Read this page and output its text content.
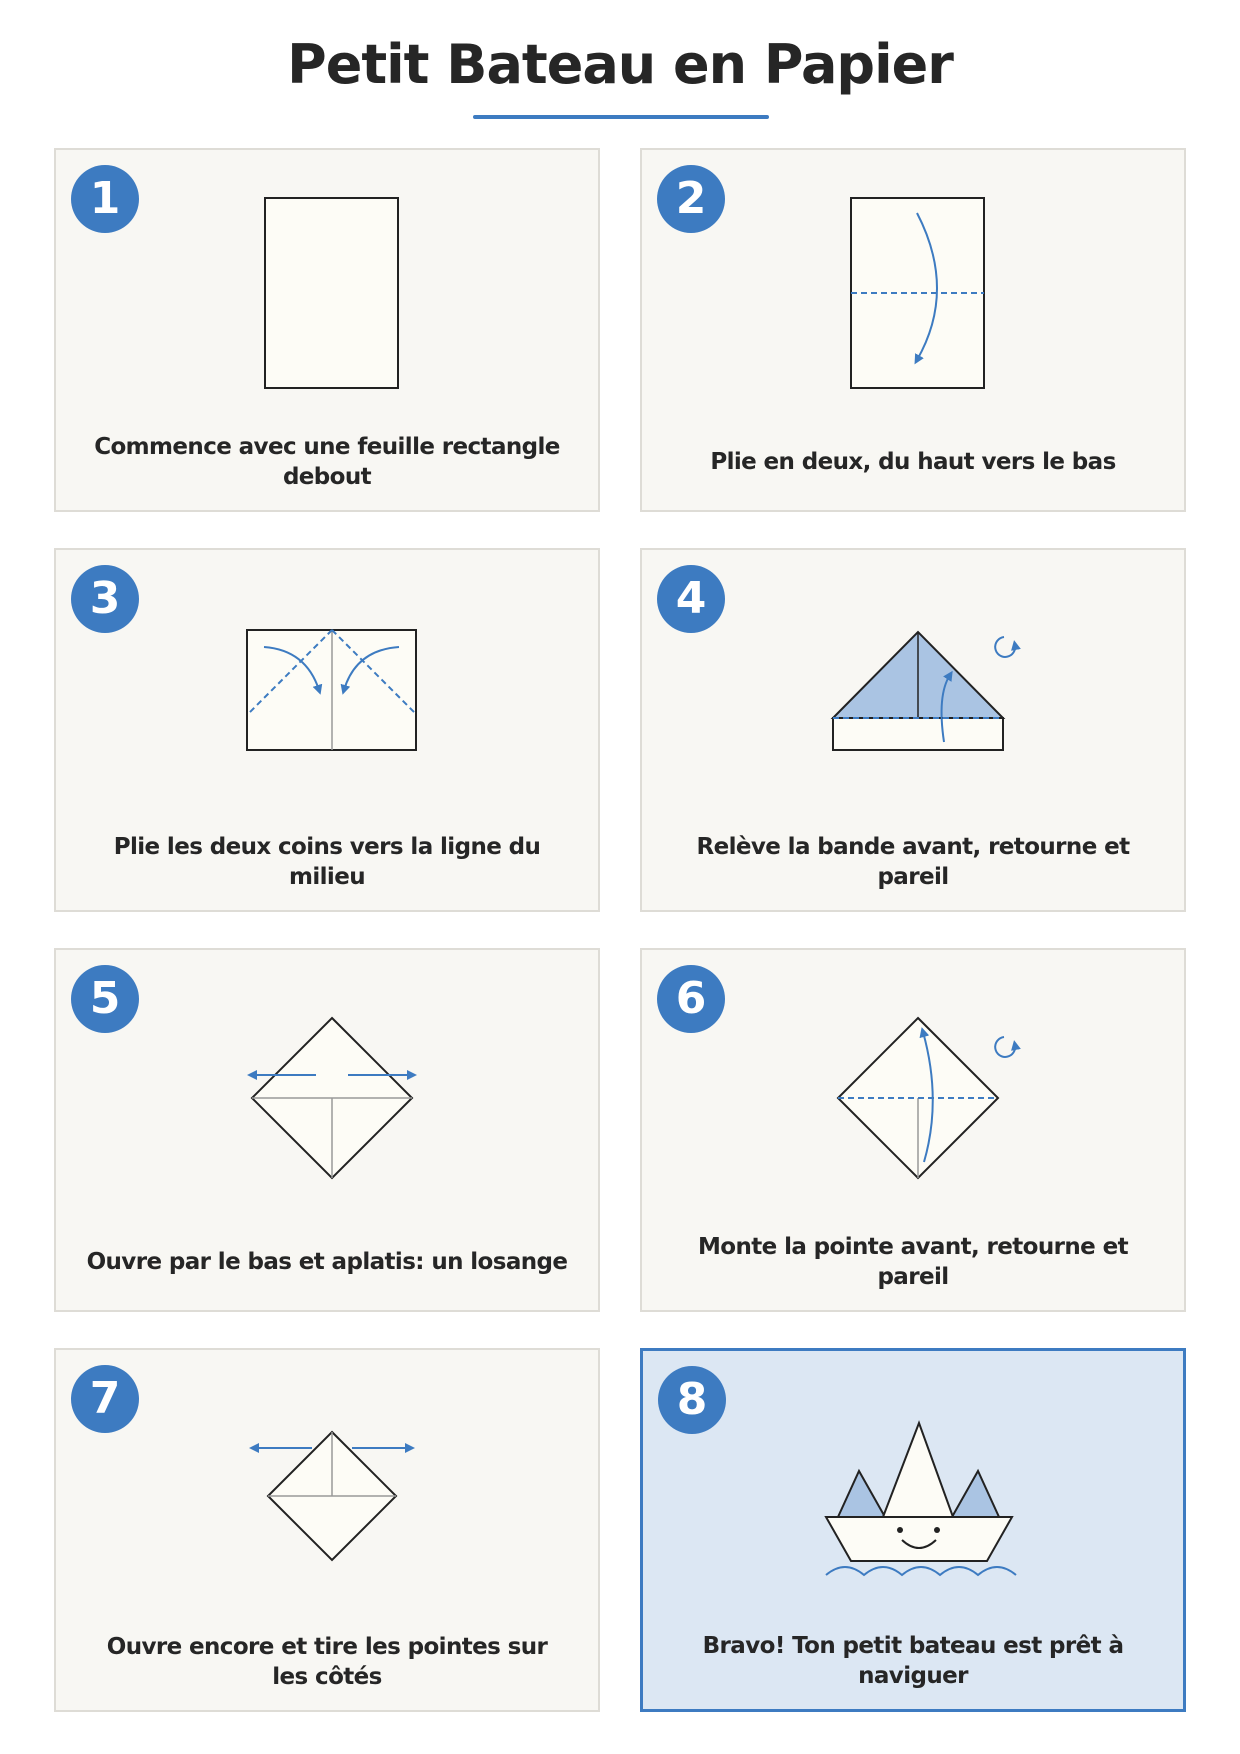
Petit Bateau en Papier
1
Commence avec une feuille rectangle debout
2
Plie en deux, du haut vers le bas
3
Plie les deux coins vers la ligne du milieu
4
Relève la bande avant, retourne et pareil
5
Ouvre par le bas et aplatis: un losange
6
Monte la pointe avant, retourne et pareil
7
Ouvre encore et tire les pointes sur les côtés
8
Bravo! Ton petit bateau est prêt à naviguer
